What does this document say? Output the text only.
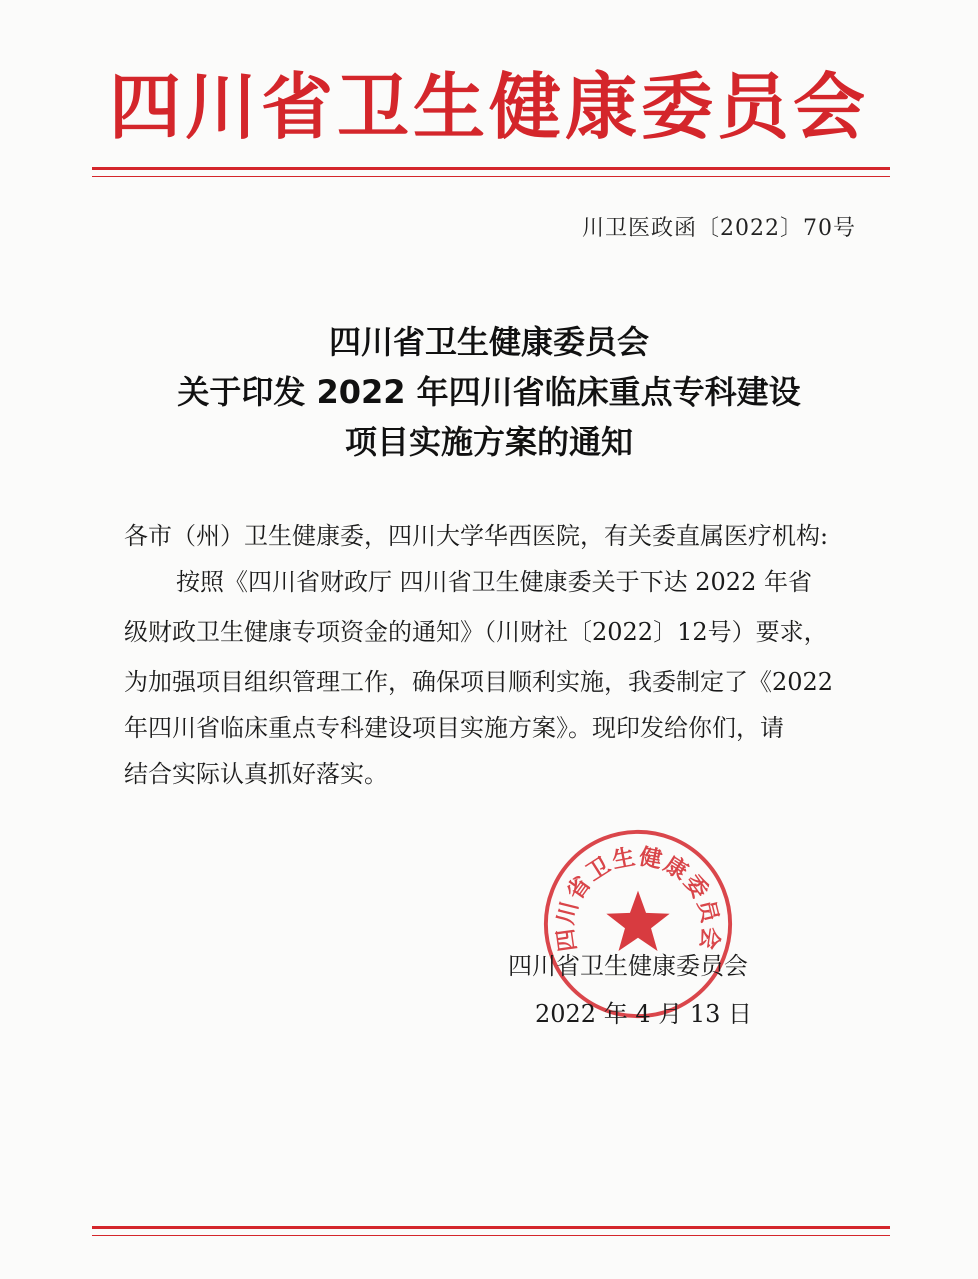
四川省卫生健康委员会
川卫医政函〔2022〕70号
四川省卫生健康委员会
关于印发 2022 年四川省临床重点专科建设
项目实施方案的通知
各市（州）卫生健康委，四川大学华西医院，有关委直属医疗机构:
按照《四川省财政厅 四川省卫生健康委关于下达 2022 年省
级财政卫生健康专项资金的通知》（川财社〔2022〕12号）要求，
为加强项目组织管理工作，确保项目顺利实施，我委制定了《2022
年四川省临床重点专科建设项目实施方案》。现印发给你们，请
结合实际认真抓好落实。
四川省卫生健康委员会
四川省卫生健康委员会
2022 年 4 月 13 日
